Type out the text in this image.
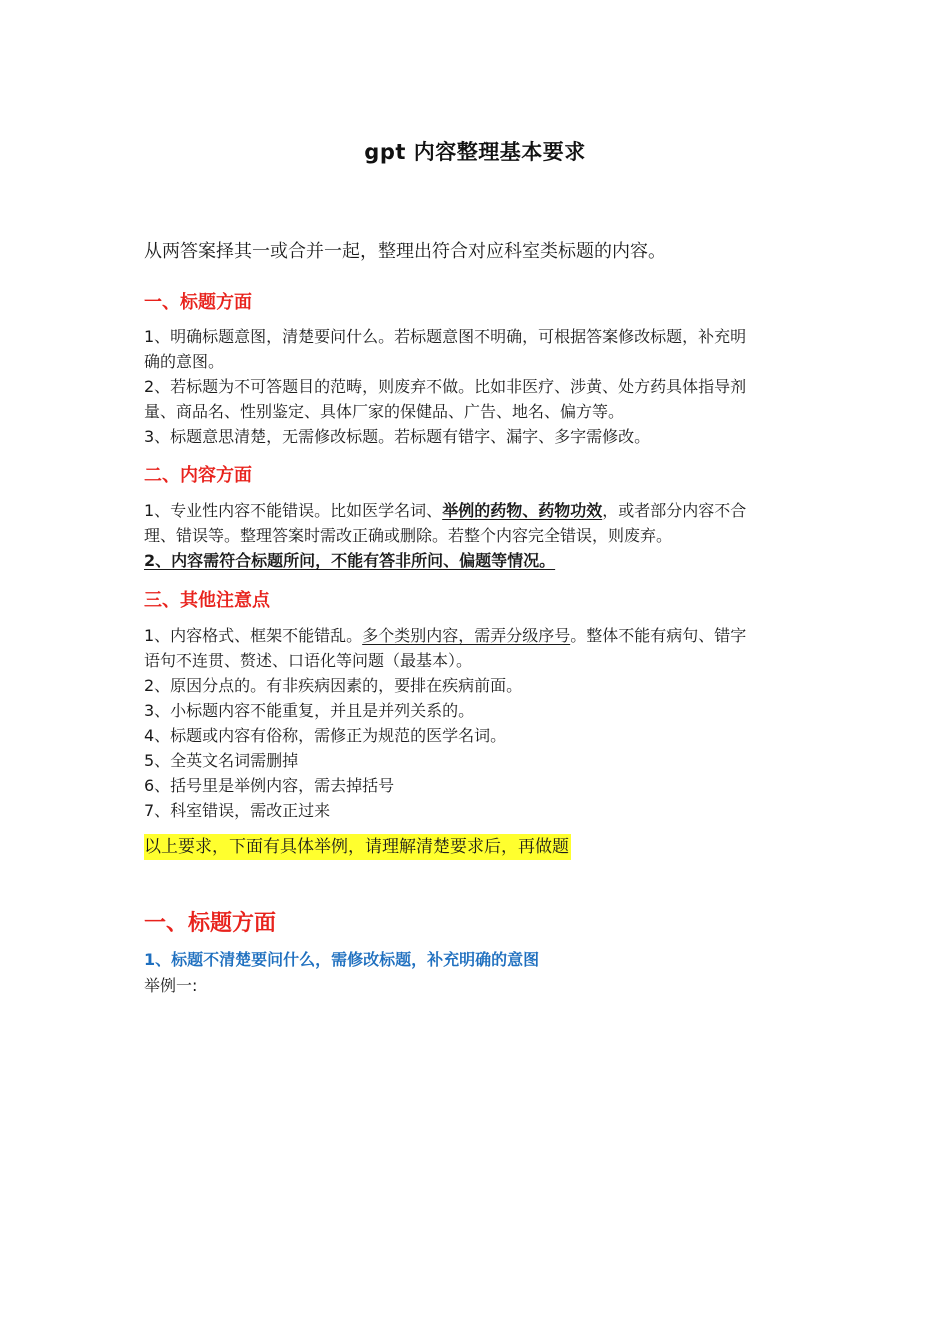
gpt 内容整理基本要求
从两答案择其一或合并一起，整理出符合对应科室类标题的内容。
一、标题方面
1、明确标题意图，清楚要问什么。若标题意图不明确，可根据答案修改标题，补充明
确的意图。
2、若标题为不可答题目的范畴，则废弃不做。比如非医疗、涉黄、处方药具体指导剂
量、商品名、性别鉴定、具体厂家的保健品、广告、地名、偏方等。
3、标题意思清楚，无需修改标题。若标题有错字、漏字、多字需修改。
二、内容方面
1、专业性内容不能错误。比如医学名词、举例的药物、药物功效，或者部分内容不合
理、错误等。整理答案时需改正确或删除。若整个内容完全错误，则废弃。
2、内容需符合标题所问，不能有答非所问、偏题等情况。
三、其他注意点
1、内容格式、框架不能错乱。多个类别内容，需弄分级序号。整体不能有病句、错字
语句不连贯、赘述、口语化等问题（最基本）。
2、原因分点的。有非疾病因素的，要排在疾病前面。
3、小标题内容不能重复，并且是并列关系的。
4、标题或内容有俗称，需修正为规范的医学名词。
5、全英文名词需删掉
6、括号里是举例内容，需去掉括号
7、科室错误，需改正过来
以上要求，下面有具体举例，请理解清楚要求后，再做题
一、标题方面
1、标题不清楚要问什么，需修改标题，补充明确的意图
举例一:
